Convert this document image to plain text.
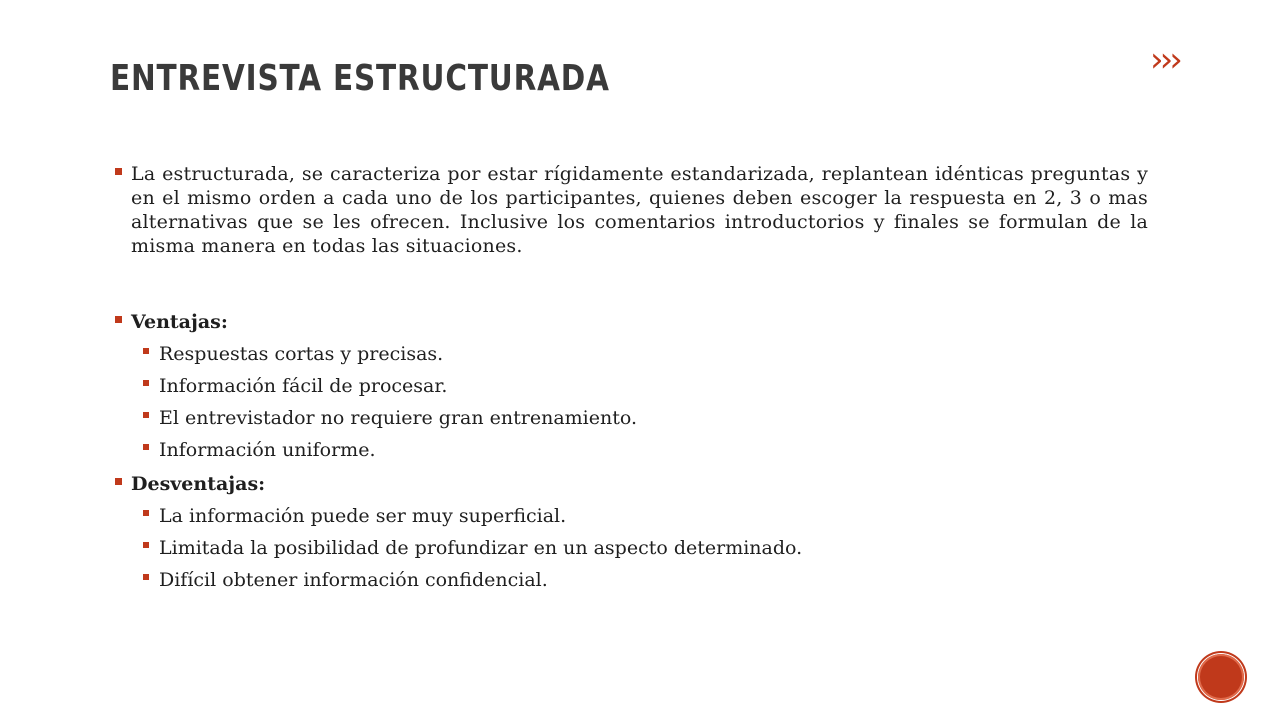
ENTREVISTA ESTRUCTURADA	›››
La estructurada, se caracteriza por estar rígidamente estandarizada, replantean idénticas preguntas y en el mismo orden a cada uno de los participantes, quienes deben escoger la respuesta en 2, 3 o mas alternativas que se les ofrecen. Inclusive los comentarios introductorios y finales se formulan de la misma manera en todas las situaciones.
Ventajas:
Respuestas cortas y precisas.
Información fácil de procesar.
El entrevistador no requiere gran entrenamiento.
Información uniforme.
Desventajas:
La información puede ser muy superficial.
Limitada la posibilidad de profundizar en un aspecto determinado.
Difícil obtener información confidencial.
